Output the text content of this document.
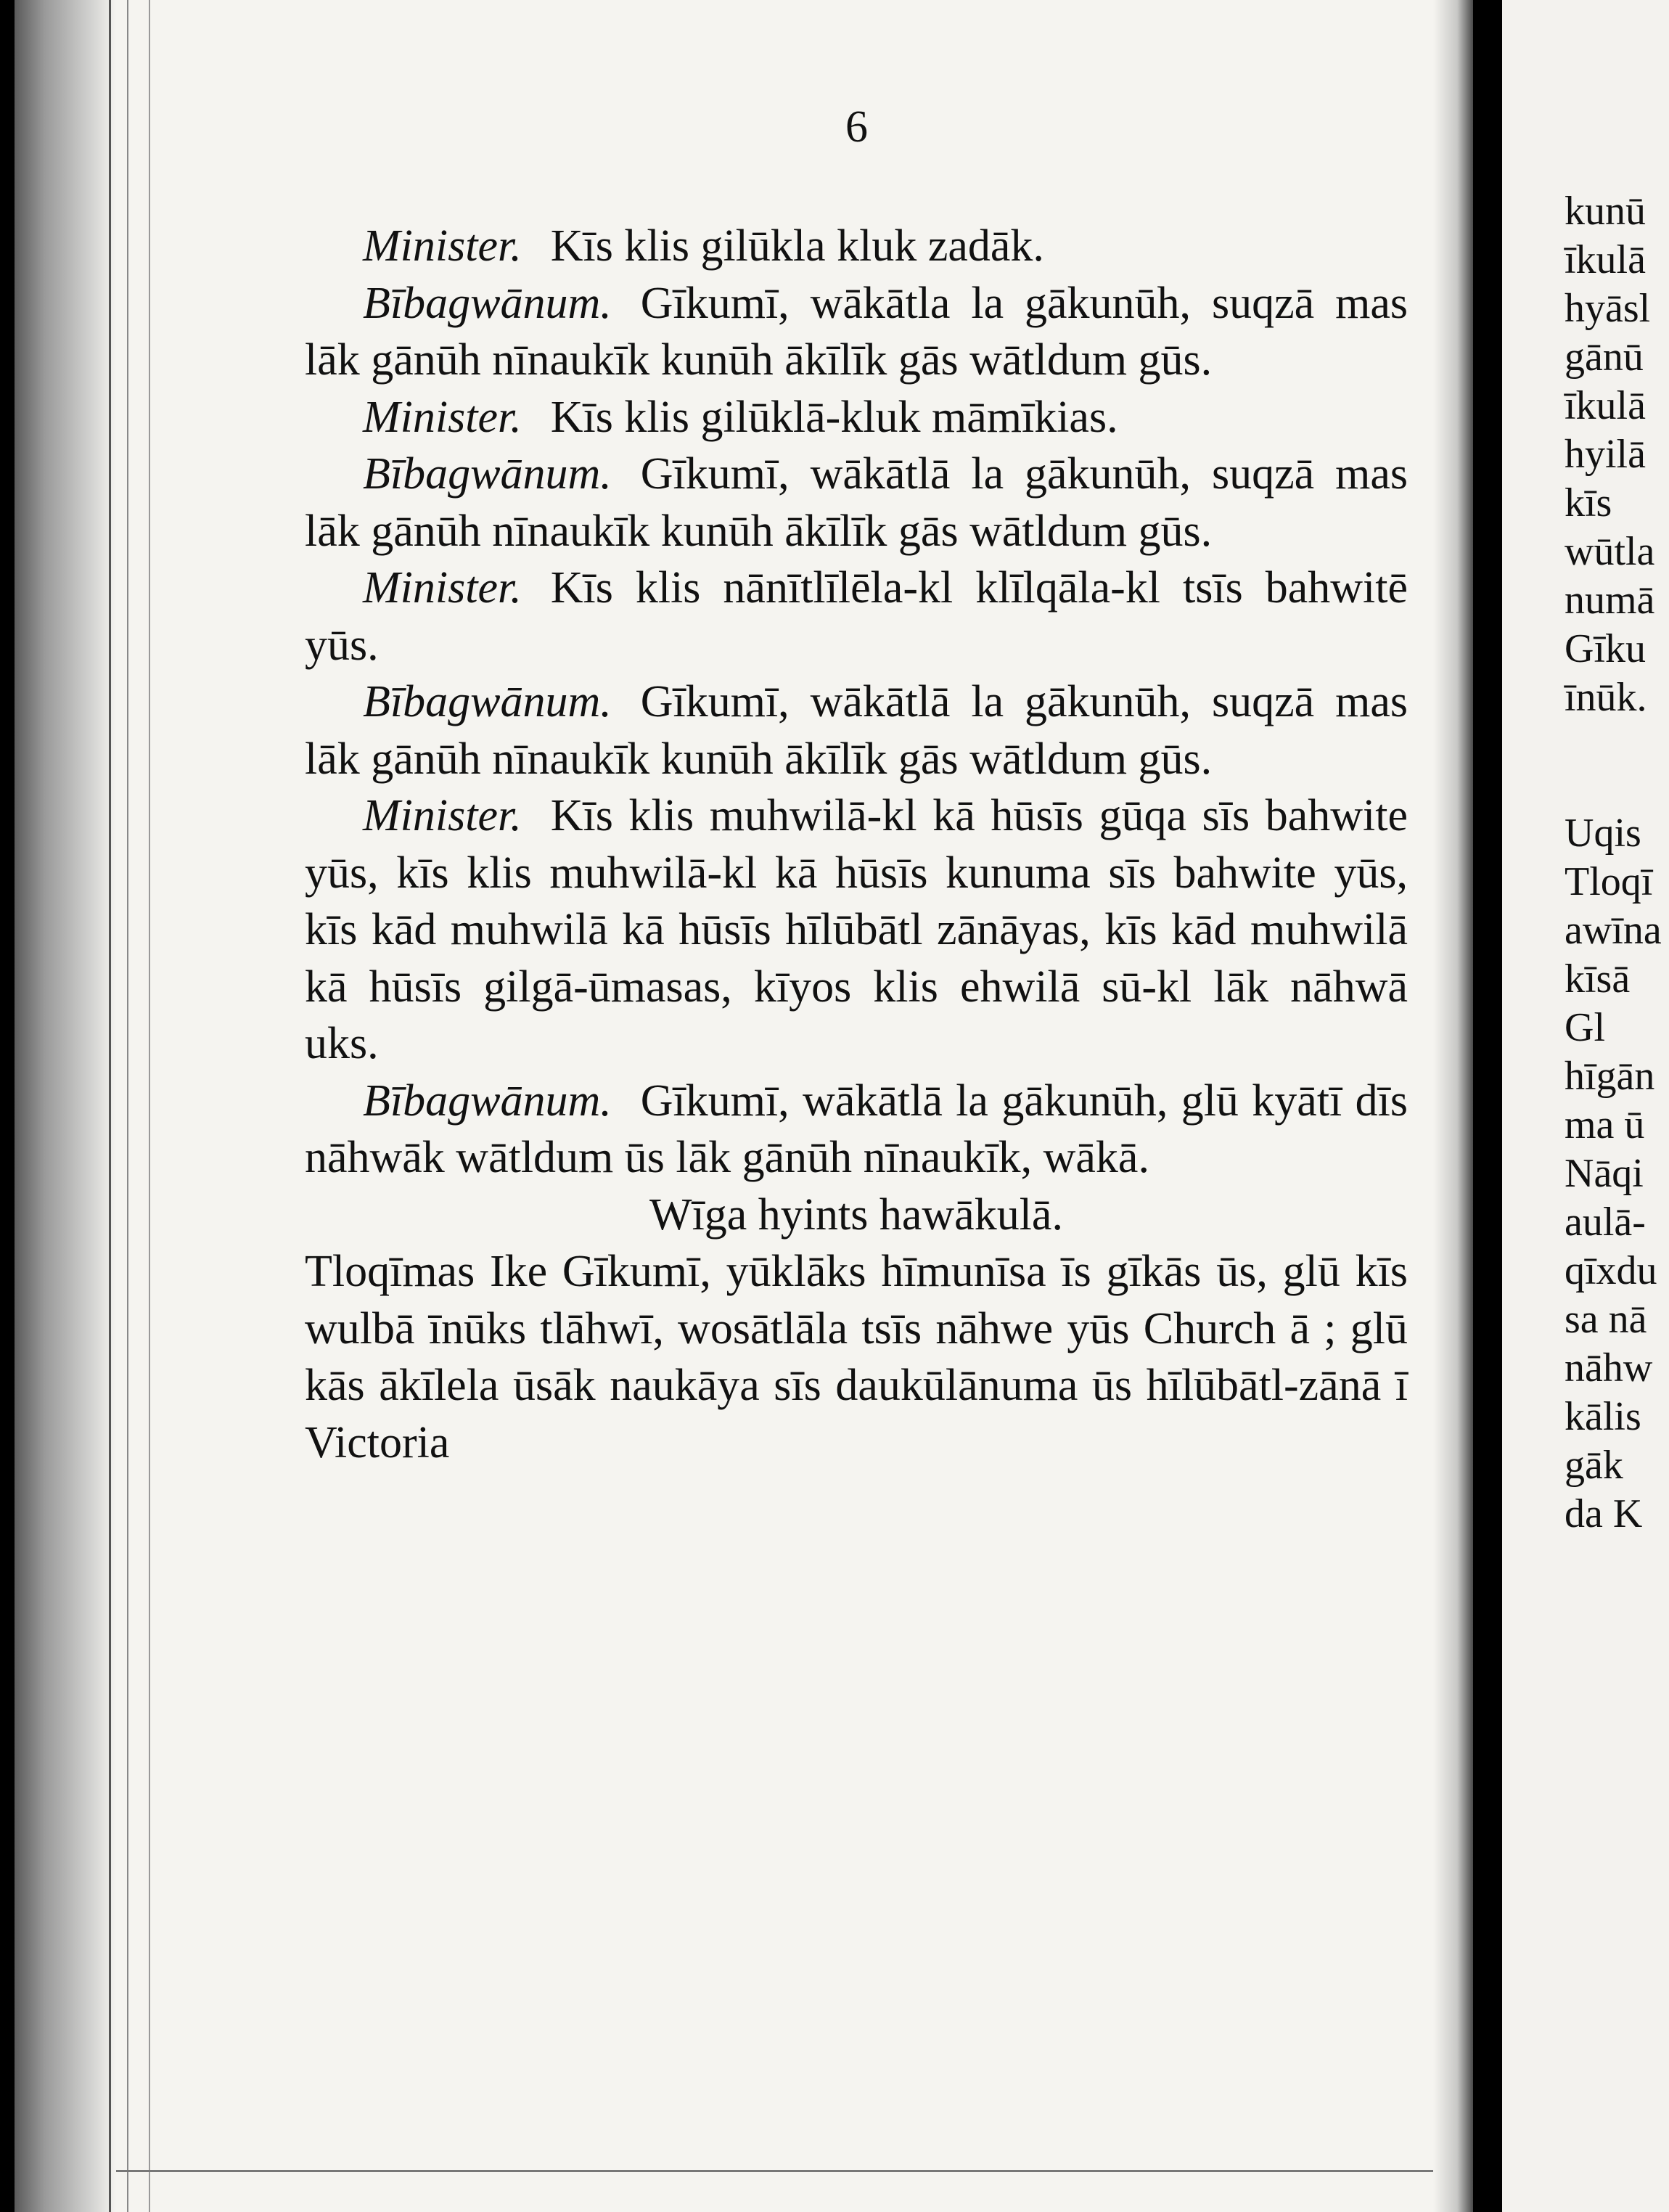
6

Minister. Kīs klis gilūkla kluk zadāk.

Bībagwānum. Gīkumī, wākātla la gākunūh, suqzā mas lāk gānūh nīnaukīk kunūh ākīlīk gās wātldum gūs.

Minister. Kīs klis gilūklā-kluk māmīkias.

Bībagwānum. Gīkumī, wākātlā la gākunūh, suqzā mas lāk gānūh nīnaukīk kunūh ākīlīk gās wātldum gūs.

Minister. Kīs klis nānītlīlēla-kl klīlqāla-kl tsīs bahwitē yūs.

Bībagwānum. Gīkumī, wākātlā la gākunūh, suqzā mas lāk gānūh nīnaukīk kunūh ākīlīk gās wātldum gūs.

Minister. Kīs klis muhwilā-kl kā hūsīs gūqa sīs bahwite yūs, kīs klis muhwilā-kl kā hūsīs kunuma sīs bahwite yūs, kīs kād muhwilā kā hūsīs hīlūbātl zānāyas, kīs kād muhwilā kā hūsīs gilgā-ūmasas, kīyos klis ehwilā sū-kl lāk nāhwā uks.

Bībagwānum. Gīkumī, wākātlā la gākunūh, glū kyātī dīs nāhwāk wātldum ūs lāk gānūh nīnaukīk, wākā.

Wīga hyints hawākulā.

Tloqīmas Ike Gīkumī, yūklāks hīmunīsa īs gīkās ūs, glū kīs wulbā īnūks tlāhwī, wosātlāla tsīs nāhwe yūs Church ā ; glū kās ākīlela ūsāk naukāya sīs daukūlānuma ūs hīlūbātl-zānā ī Victoria

kunū
īkulā
hyāsl
gānū
īkulā
hyilā
kīs
wūtla
numā
Gīku
īnūk.
Uqis
Tloqī
awīna
kīsā
Gl
hīgān
ma ū
Nāqi
aulā-
qīxdu
sa nā
nāhw
kālis
gāk
da K
